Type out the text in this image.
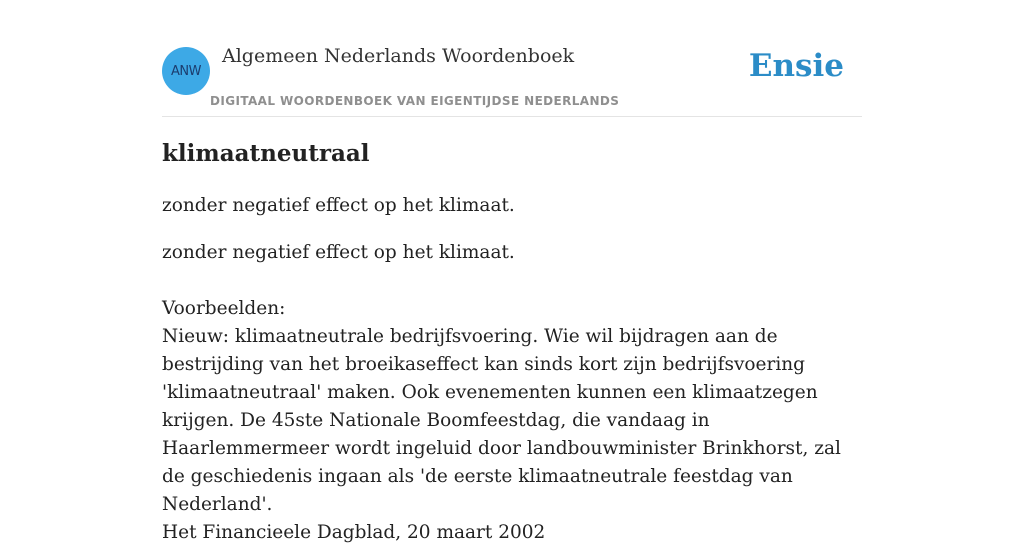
ANW
Algemeen Nederlands Woordenboek
DIGITAAL WOORDENBOEK VAN EIGENTIJDSE NEDERLANDS
Ensie
klimaatneutraal

zonder negatief effect op het klimaat.

zonder negatief effect op het klimaat.

Voorbeelden:

Nieuw: klimaatneutrale bedrijfsvoering. Wie wil bijdragen aan de bestrijding van het broeikaseffect kan sinds kort zijn bedrijfsvoering 'klimaatneutraal' maken. Ook evenementen kunnen een klimaatzegen krijgen. De 45ste Nationale Boomfeestdag, die vandaag in Haarlemmermeer wordt ingeluid door landbouwminister Brinkhorst, zal de geschiedenis ingaan als 'de eerste klimaatneutrale feestdag van Nederland'.

Het Financieele Dagblad, 20 maart 2002
